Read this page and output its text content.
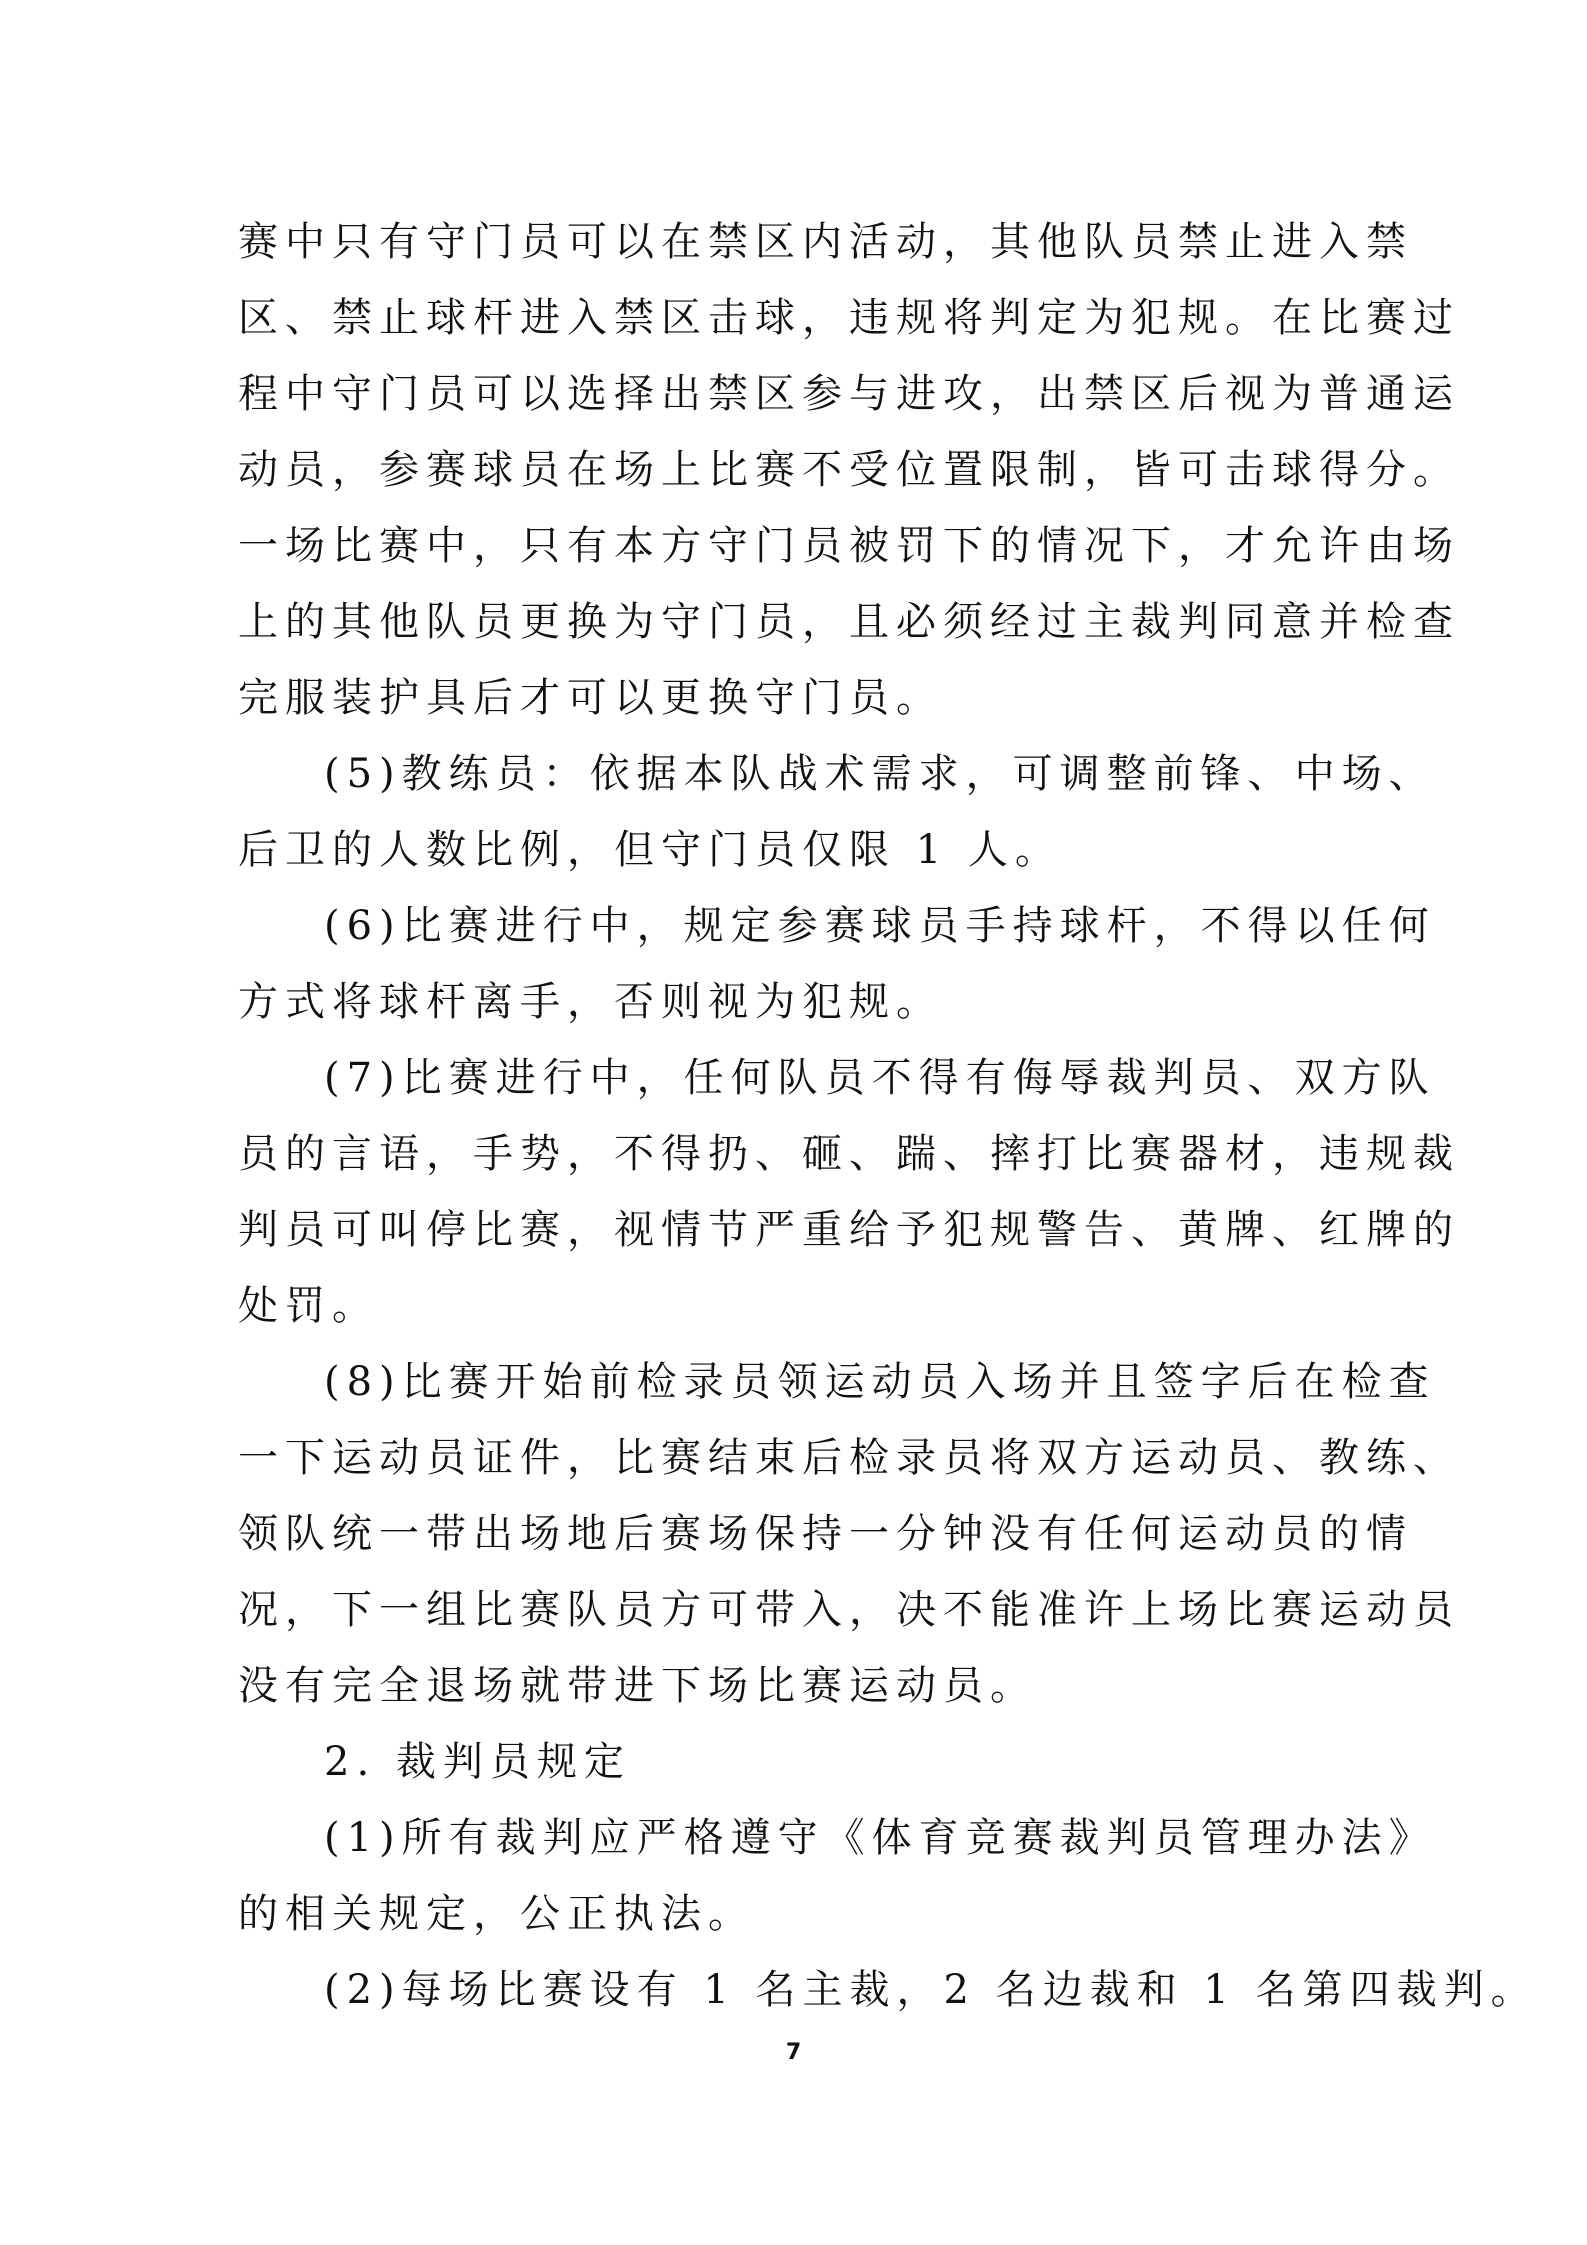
赛中只有守门员可以在禁区内活动，其他队员禁止进入禁
区、禁止球杆进入禁区击球，违规将判定为犯规。在比赛过
程中守门员可以选择出禁区参与进攻，出禁区后视为普通运
动员，参赛球员在场上比赛不受位置限制，皆可击球得分。
一场比赛中，只有本方守门员被罚下的情况下，才允许由场
上的其他队员更换为守门员，且必须经过主裁判同意并检查
完服装护具后才可以更换守门员。

(5)教练员：依据本队战术需求，可调整前锋、中场、
后卫的人数比例，但守门员仅限 1 人。

(6)比赛进行中，规定参赛球员手持球杆，不得以任何
方式将球杆离手，否则视为犯规。

(7)比赛进行中，任何队员不得有侮辱裁判员、双方队
员的言语，手势，不得扔、砸、踹、摔打比赛器材，违规裁
判员可叫停比赛，视情节严重给予犯规警告、黄牌、红牌的
处罚。

(8)比赛开始前检录员领运动员入场并且签字后在检查
一下运动员证件，比赛结束后检录员将双方运动员、教练、
领队统一带出场地后赛场保持一分钟没有任何运动员的情
况，下一组比赛队员方可带入，决不能准许上场比赛运动员
没有完全退场就带进下场比赛运动员。

2. 裁判员规定

(1)所有裁判应严格遵守《体育竞赛裁判员管理办法》
的相关规定，公正执法。

(2)每场比赛设有 1 名主裁，2 名边裁和 1 名第四裁判。

7
